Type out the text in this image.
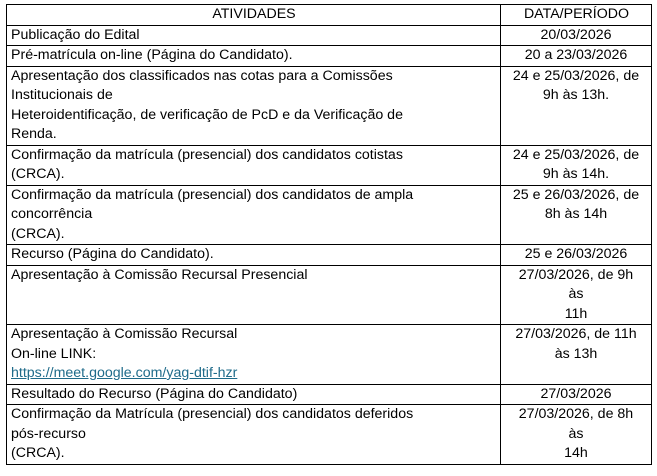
ATIVIDADES	DATA/PERÍODO

Publicação do Edital	20/03/2026

Pré-matrícula on-line (Página do Candidato).	20 a 23/03/2026

Apresentação dos classificados nas cotas para a Comissões
Institucionais de
Heteroidentificação, de verificação de PcD e da Verificação de
Renda.	24 e 25/03/2026, de
9h às 13h.

Confirmação da matrícula (presencial) dos candidatos cotistas
(CRCA).	24 e 25/03/2026, de
9h às 14h.

Confirmação da matrícula (presencial) dos candidatos de ampla
concorrência
(CRCA).	25 e 26/03/2026, de
8h às 14h

Recurso (Página do Candidato).	25 e 26/03/2026

Apresentação à Comissão Recursal Presencial	27/03/2026, de 9h
às
11h

Apresentação à Comissão Recursal
On-line LINK:
https://meet.google.com/yag-dtif-hzr	27/03/2026, de 11h
às 13h

Resultado do Recurso (Página do Candidato)	27/03/2026

Confirmação da Matrícula (presencial) dos candidatos deferidos
pós-recurso
(CRCA).	27/03/2026, de 8h
às
14h
